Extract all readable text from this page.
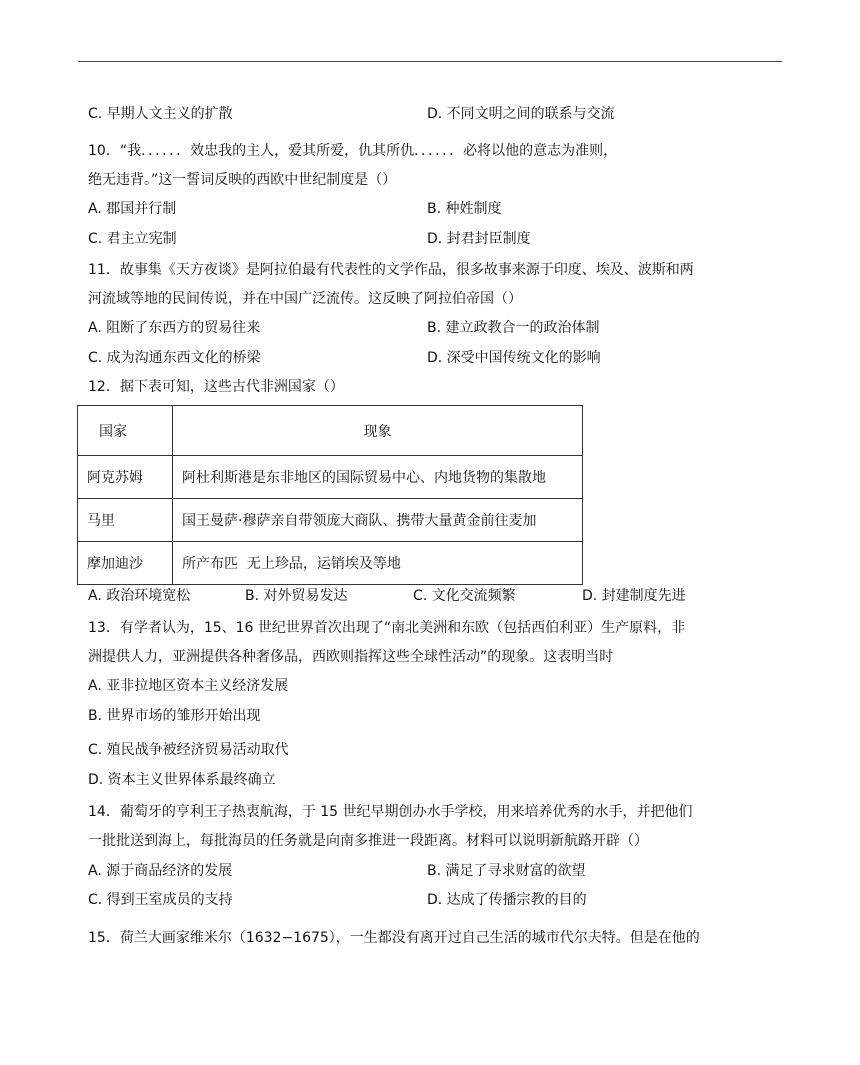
C. 早期人文主义的扩散	D. 不同文明之间的联系与交流
10．“我．．．．．．效忠我的主人，爱其所爱，仇其所仇．．．．．．必将以他的意志为准则，
绝无违背。”这一誓词反映的西欧中世纪制度是（）
A. 郡国并行制	B. 种姓制度
C. 君主立宪制	D. 封君封臣制度
11．故事集《天方夜谈》是阿拉伯最有代表性的文学作品，很多故事来源于印度、埃及、波斯和两
河流域等地的民间传说，并在中国广泛流传。这反映了阿拉伯帝国（）
A. 阻断了东西方的贸易往来	B. 建立政教合一的政治体制
C. 成为沟通东西文化的桥梁	D. 深受中国传统文化的影响
12．据下表可知，这些古代非洲国家（）
国家	现象
阿克苏姆	阿杜利斯港是东非地区的国际贸易中心、内地货物的集散地
马里	国王曼萨·穆萨亲自带领庞大商队、携带大量黄金前往麦加
摩加迪沙	所产布匹  无上珍品，运销埃及等地
A. 政治环境宽松	B. 对外贸易发达	C. 文化交流频繁	D. 封建制度先进
13．有学者认为，15、16 世纪世界首次出现了“南北美洲和东欧（包括西伯利亚）生产原料，非
洲提供人力，亚洲提供各种奢侈品，西欧则指挥这些全球性活动”的现象。这表明当时
A. 亚非拉地区资本主义经济发展
B. 世界市场的雏形开始出现
C. 殖民战争被经济贸易活动取代
D. 资本主义世界体系最终确立
14．葡萄牙的亨利王子热衷航海，于 15 世纪早期创办水手学校，用来培养优秀的水手，并把他们
一批批送到海上，每批海员的任务就是向南多推进一段距离。材料可以说明新航路开辟（）
A. 源于商品经济的发展	B. 满足了寻求财富的欲望
C. 得到王室成员的支持	D. 达成了传播宗教的目的
15．荷兰大画家维米尔（1632−1675），一生都没有离开过自己生活的城市代尔夫特。但是在他的
